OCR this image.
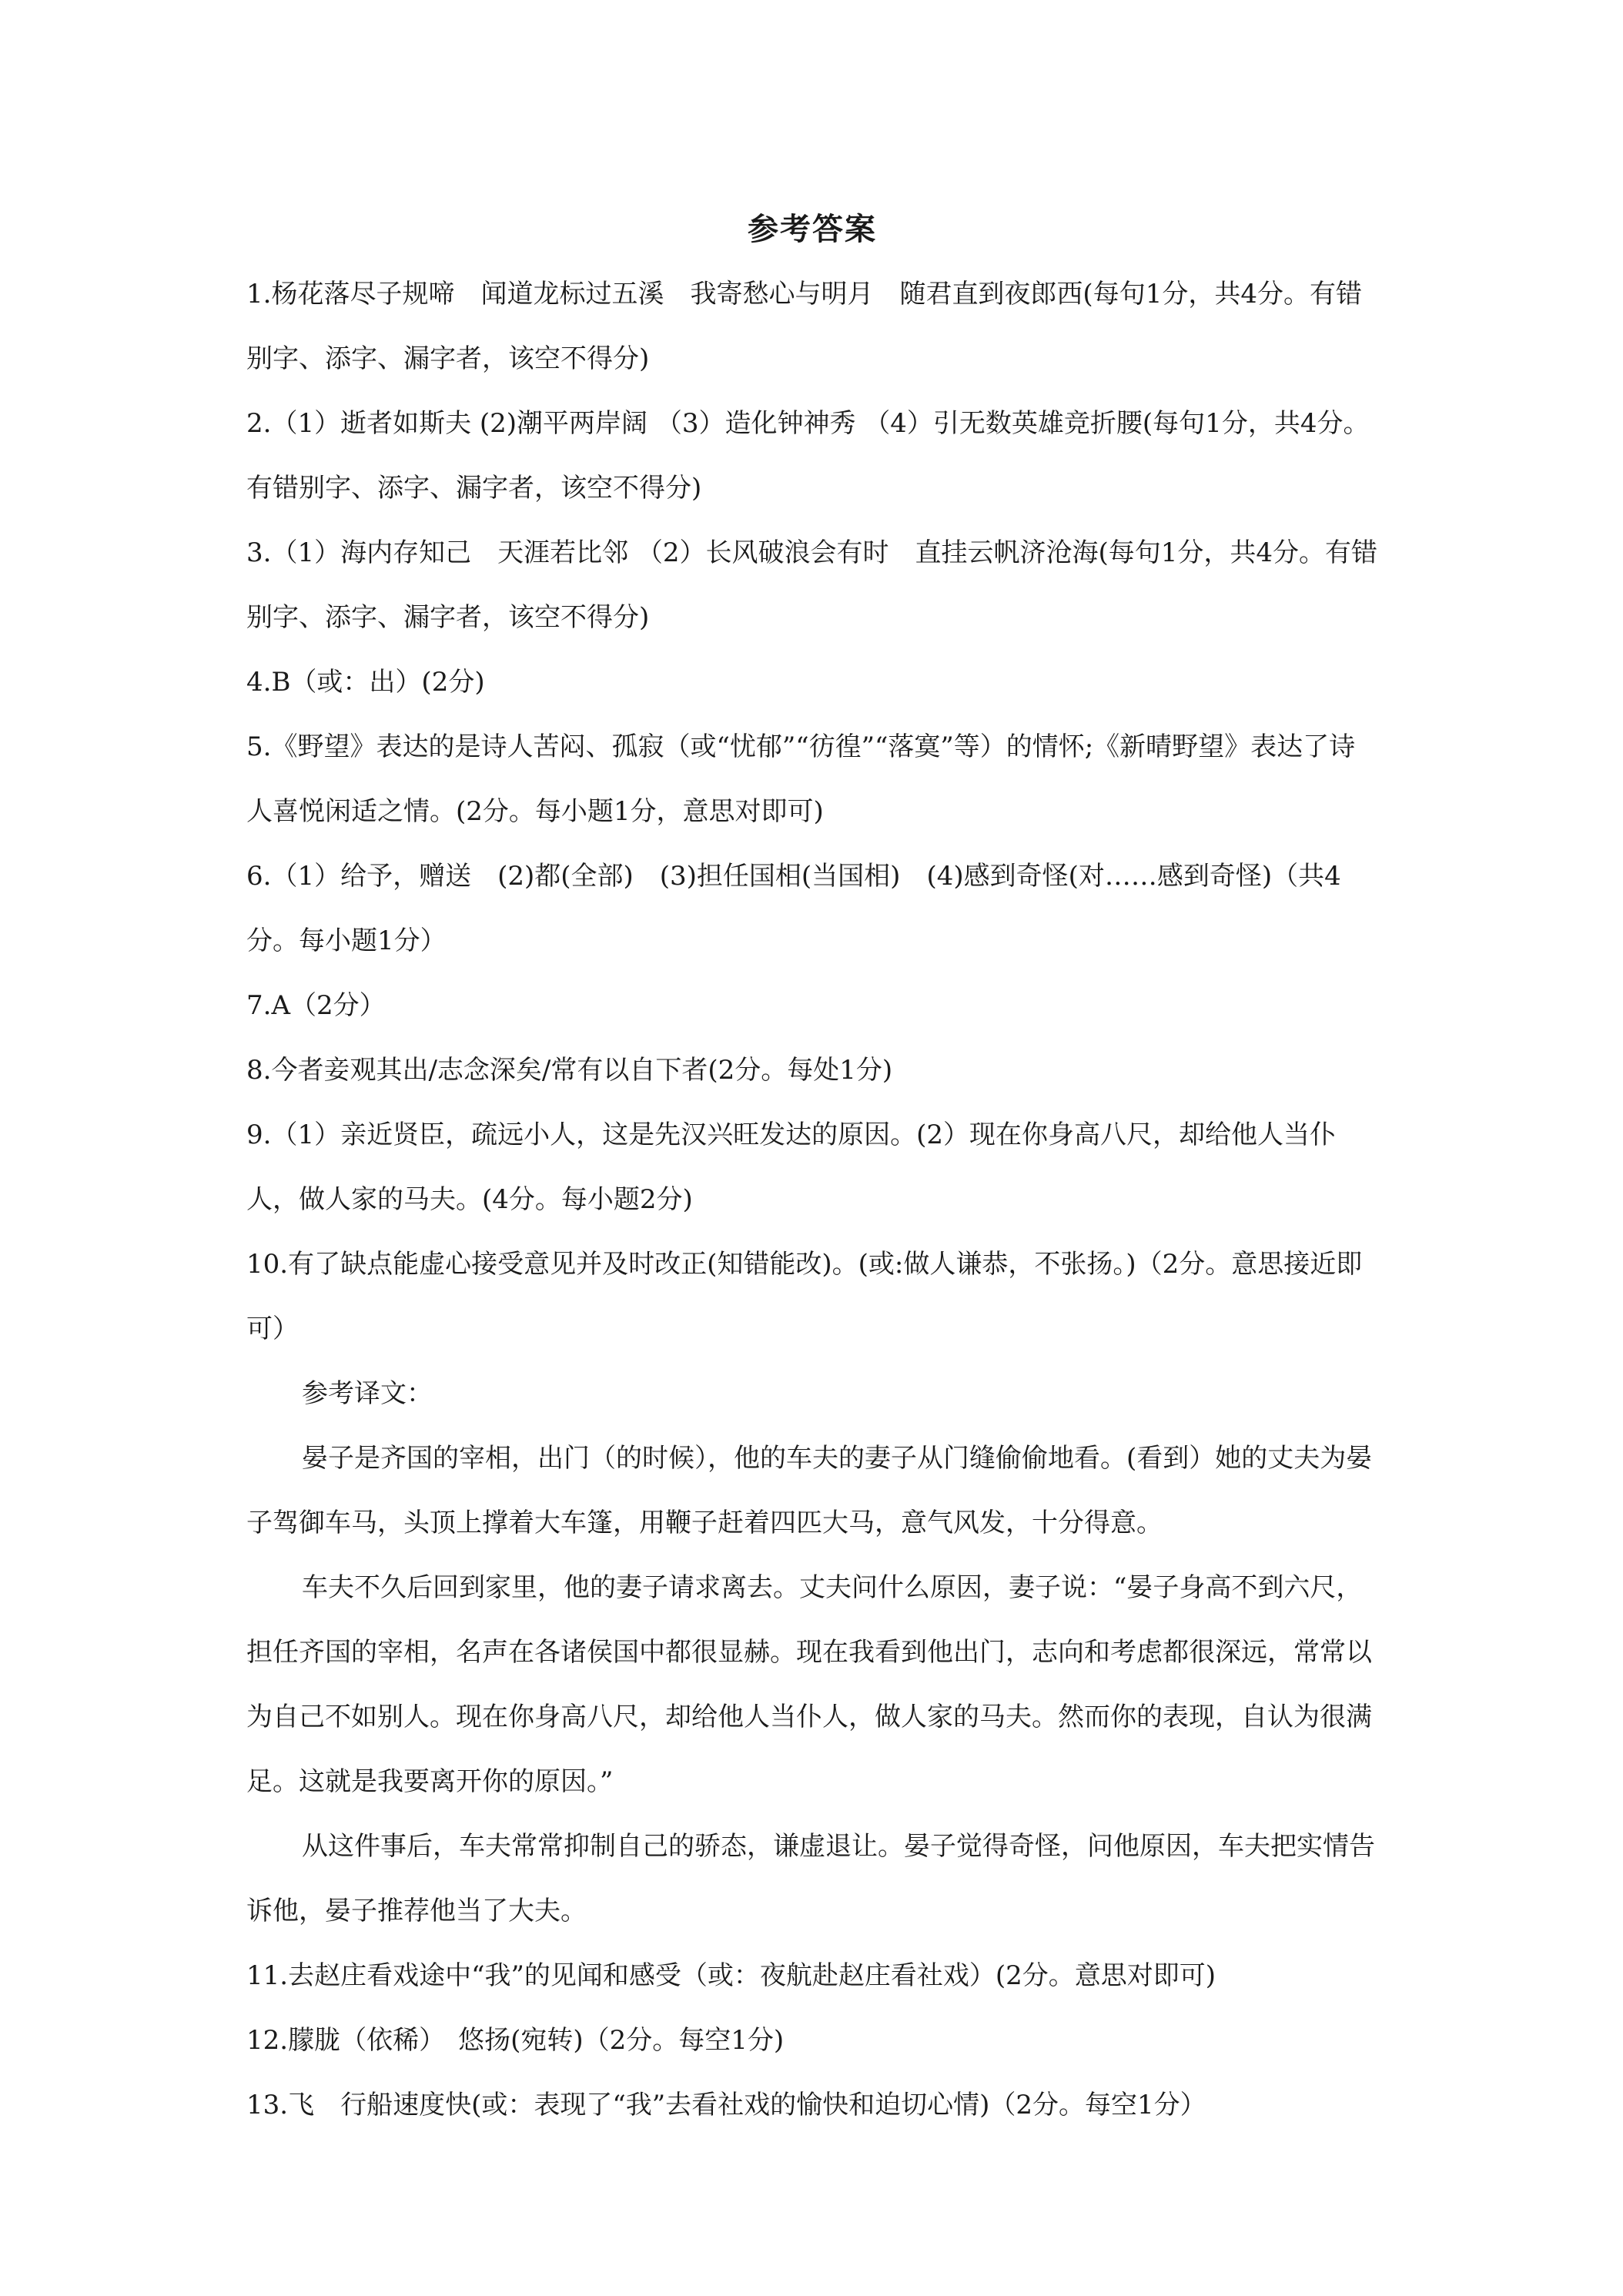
参考答案

1.杨花落尽子规啼　闻道龙标过五溪　我寄愁心与明月　随君直到夜郎西(每句1分，共4分。有错别字、添字、漏字者，该空不得分)

2.（1）逝者如斯夫 (2)潮平两岸阔 （3）造化钟神秀 （4）引无数英雄竞折腰(每句1分，共4分。有错别字、添字、漏字者，该空不得分)

3.（1）海内存知己　天涯若比邻 （2）长风破浪会有时　直挂云帆济沧海(每句1分，共4分。有错别字、添字、漏字者，该空不得分)

4.B（或：出）(2分)

5.《野望》表达的是诗人苦闷、孤寂（或“忧郁”“彷徨”“落寞”等）的情怀;《新晴野望》表达了诗人喜悦闲适之情。(2分。每小题1分，意思对即可)

6.（1）给予，赠送　(2)都(全部)　(3)担任国相(当国相)　(4)感到奇怪(对……感到奇怪)（共4分。每小题1分）

7.A（2分）

8.今者妾观其出/志念深矣/常有以自下者(2分。每处1分)

9.（1）亲近贤臣，疏远小人，这是先汉兴旺发达的原因。(2）现在你身高八尺，却给他人当仆人，做人家的马夫。(4分。每小题2分)

10.有了缺点能虚心接受意见并及时改正(知错能改)。(或:做人谦恭，不张扬。)（2分。意思接近即可）

参考译文：

晏子是齐国的宰相，出门（的时候），他的车夫的妻子从门缝偷偷地看。(看到）她的丈夫为晏子驾御车马，头顶上撑着大车篷，用鞭子赶着四匹大马，意气风发，十分得意。

车夫不久后回到家里，他的妻子请求离去。丈夫问什么原因，妻子说：“晏子身高不到六尺，担任齐国的宰相，名声在各诸侯国中都很显赫。现在我看到他出门，志向和考虑都很深远，常常以为自己不如别人。现在你身高八尺，却给他人当仆人，做人家的马夫。然而你的表现，自认为很满足。这就是我要离开你的原因。”

从这件事后，车夫常常抑制自己的骄态，谦虚退让。晏子觉得奇怪，问他原因，车夫把实情告诉他，晏子推荐他当了大夫。

11.去赵庄看戏途中“我”的见闻和感受（或：夜航赴赵庄看社戏）(2分。意思对即可)

12.朦胧（依稀）　悠扬(宛转)（2分。每空1分)

13.飞　行船速度快(或：表现了“我”去看社戏的愉快和迫切心情)（2分。每空1分）
